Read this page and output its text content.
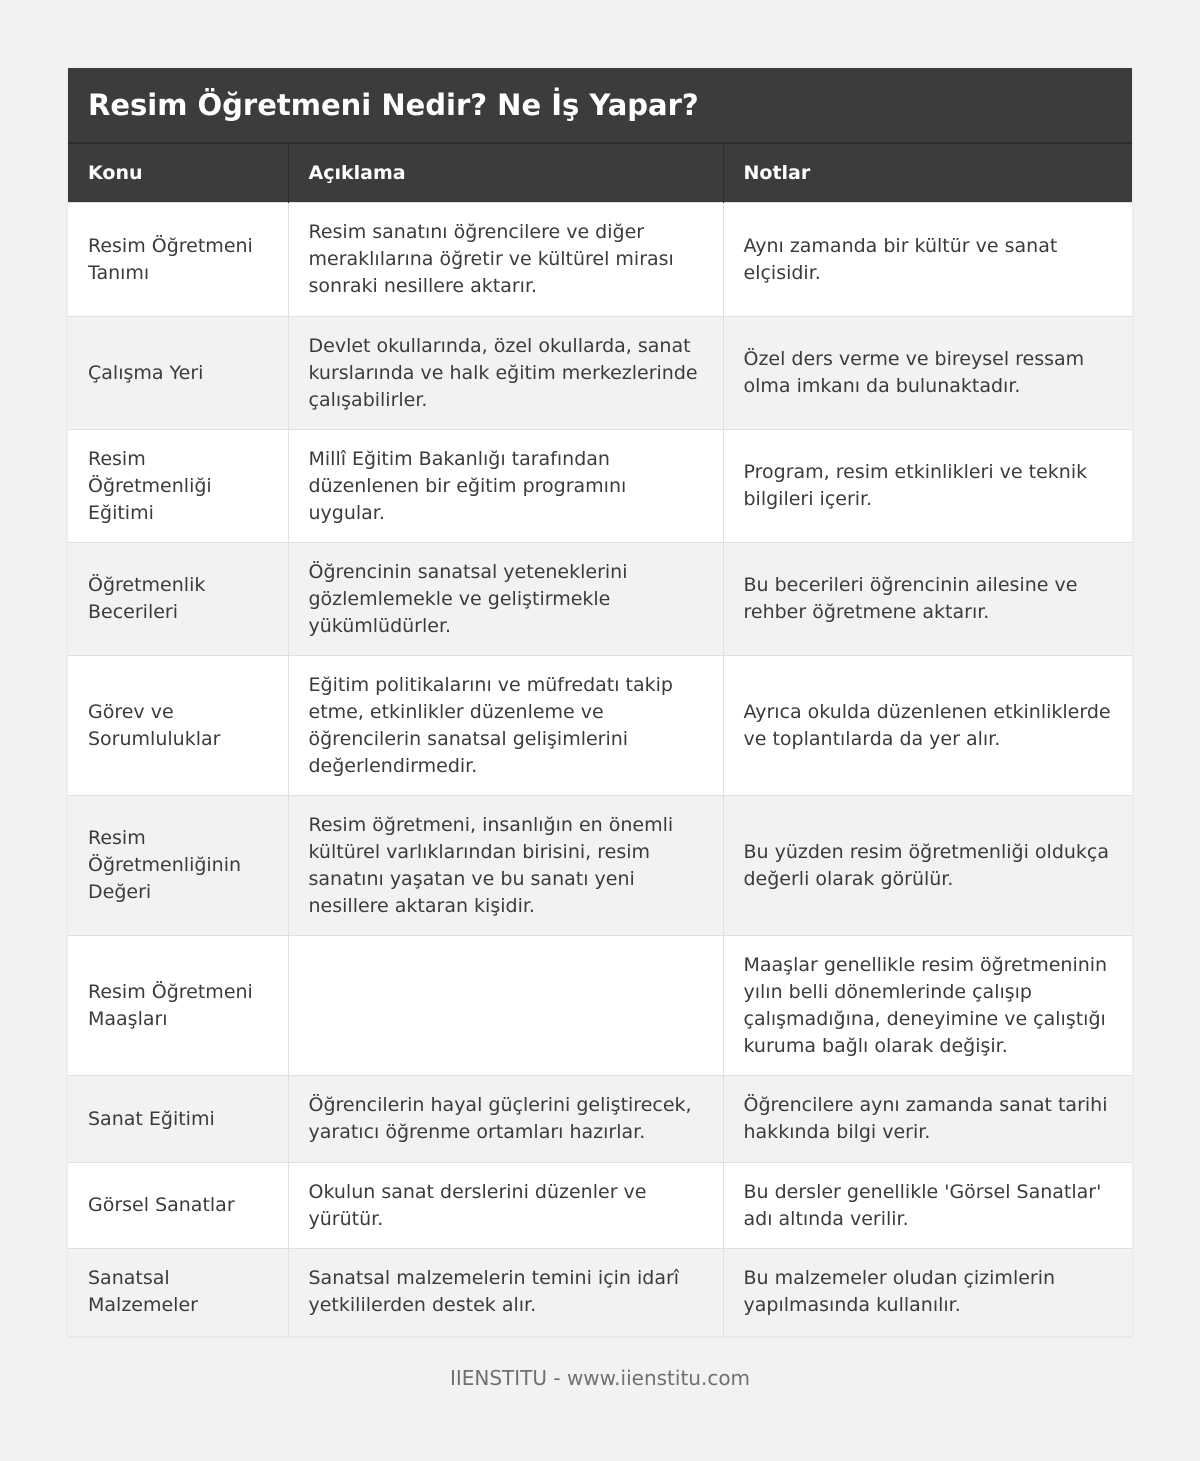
Resim Öğretmeni Nedir? Ne İş Yapar?
Konu	Açıklama	Notlar
Resim Öğretmeni Tanımı	Resim sanatını öğrencilere ve diğer meraklılarına öğretir ve kültürel mirası sonraki nesillere aktarır.	Aynı zamanda bir kültür ve sanat elçisidir.
Çalışma Yeri	Devlet okullarında, özel okullarda, sanat kurslarında ve halk eğitim merkezlerinde çalışabilirler.	Özel ders verme ve bireysel ressam olma imkanı da bulunaktadır.
Resim Öğretmenliği Eğitimi	Millî Eğitim Bakanlığı tarafından düzenlenen bir eğitim programını uygular.	Program, resim etkinlikleri ve teknik bilgileri içerir.
Öğretmenlik Becerileri	Öğrencinin sanatsal yeteneklerini gözlemlemekle ve geliştirmekle yükümlüdürler.	Bu becerileri öğrencinin ailesine ve rehber öğretmene aktarır.
Görev ve Sorumluluklar	Eğitim politikalarını ve müfredatı takip etme, etkinlikler düzenleme ve öğrencilerin sanatsal gelişimlerini değerlendirmedir.	Ayrıca okulda düzenlenen etkinliklerde ve toplantılarda da yer alır.
Resim Öğretmenliğinin Değeri	Resim öğretmeni, insanlığın en önemli kültürel varlıklarından birisini, resim sanatını yaşatan ve bu sanatı yeni nesillere aktaran kişidir.	Bu yüzden resim öğretmenliği oldukça değerli olarak görülür.
Resim Öğretmeni Maaşları		Maaşlar genellikle resim öğretmeninin yılın belli dönemlerinde çalışıp çalışmadığına, deneyimine ve çalıştığı kuruma bağlı olarak değişir.
Sanat Eğitimi	Öğrencilerin hayal güçlerini geliştirecek, yaratıcı öğrenme ortamları hazırlar.	Öğrencilere aynı zamanda sanat tarihi hakkında bilgi verir.
Görsel Sanatlar	Okulun sanat derslerini düzenler ve yürütür.	Bu dersler genellikle 'Görsel Sanatlar' adı altında verilir.
Sanatsal Malzemeler	Sanatsal malzemelerin temini için idarî yetkililerden destek alır.	Bu malzemeler oludan çizimlerin yapılmasında kullanılır.
IIENSTITU - www.iienstitu.com
